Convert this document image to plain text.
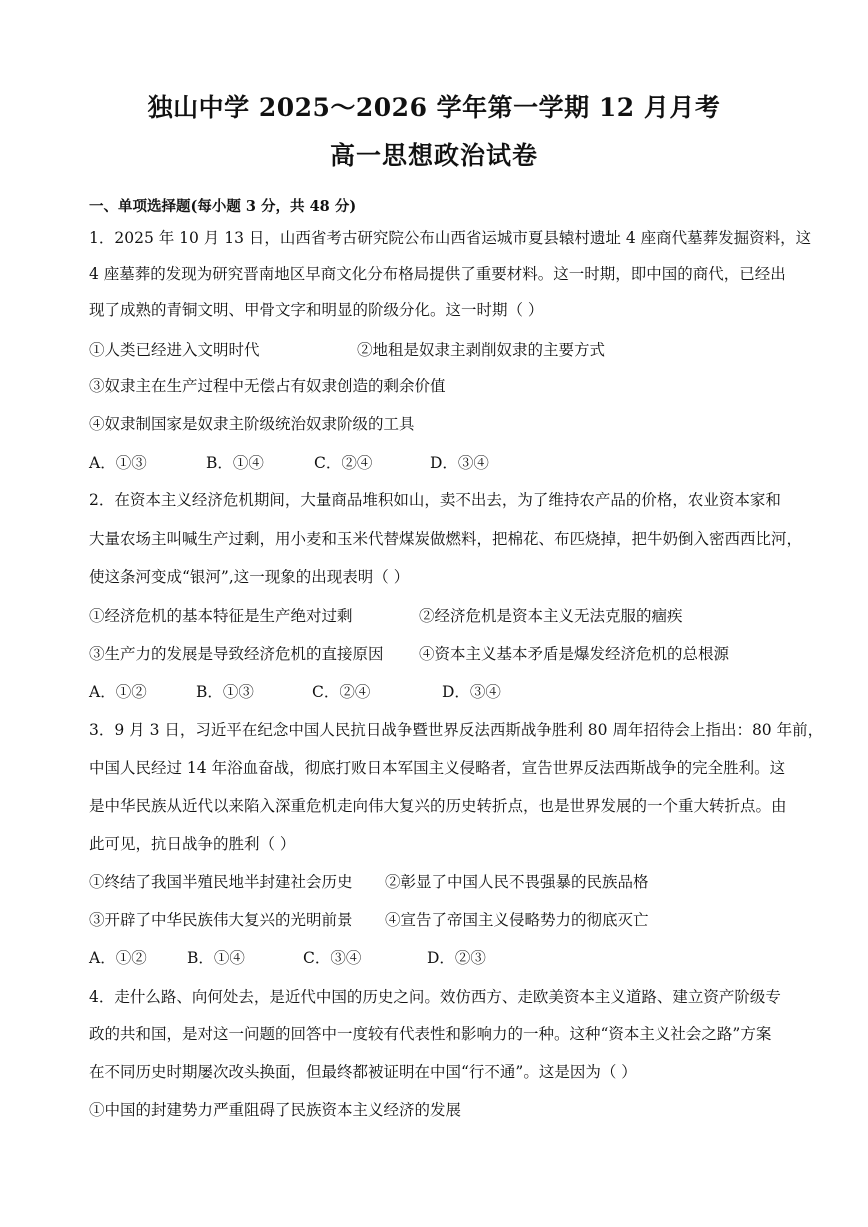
独山中学 2025～2026 学年第一学期 12 月月考
高一思想政治试卷

一、单项选择题(每小题 3 分，共 48 分)

1．2025 年 10 月 13 日，山西省考古研究院公布山西省运城市夏县辕村遗址 4 座商代墓葬发掘资料，这

4 座墓葬的发现为研究晋南地区早商文化分布格局提供了重要材料。这一时期，即中国的商代，已经出

现了成熟的青铜文明、甲骨文字和明显的阶级分化。这一时期（ ）

①人类已经进入文明时代	②地租是奴隶主剥削奴隶的主要方式

③奴隶主在生产过程中无偿占有奴隶创造的剩余价值

④奴隶制国家是奴隶主阶级统治奴隶阶级的工具

A．①③	B．①④	C．②④	D．③④

2．在资本主义经济危机期间，大量商品堆积如山，卖不出去，为了维持农产品的价格，农业资本家和

大量农场主叫喊生产过剩，用小麦和玉米代替煤炭做燃料，把棉花、布匹烧掉，把牛奶倒入密西西比河，

使这条河变成“银河”,这一现象的出现表明（ ）

①经济危机的基本特征是生产绝对过剩	②经济危机是资本主义无法克服的痼疾

③生产力的发展是导致经济危机的直接原因 ④资本主义基本矛盾是爆发经济危机的总根源

A．①②	B．①③	C．②④	D．③④

3．9 月 3 日，习近平在纪念中国人民抗日战争暨世界反法西斯战争胜利 80 周年招待会上指出：80 年前，

中国人民经过 14 年浴血奋战，彻底打败日本军国主义侵略者，宣告世界反法西斯战争的完全胜利。这

是中华民族从近代以来陷入深重危机走向伟大复兴的历史转折点，也是世界发展的一个重大转折点。由

此可见，抗日战争的胜利（ ）

①终结了我国半殖民地半封建社会历史 ②彰显了中国人民不畏强暴的民族品格

③开辟了中华民族伟大复兴的光明前景 ④宣告了帝国主义侵略势力的彻底灭亡

A．①②	B．①④	C．③④	D．②③

4．走什么路、向何处去，是近代中国的历史之问。效仿西方、走欧美资本主义道路、建立资产阶级专

政的共和国，是对这一问题的回答中一度较有代表性和影响力的一种。这种“资本主义社会之路”方案

在不同历史时期屡次改头换面，但最终都被证明在中国“行不通”。这是因为（ ）

①中国的封建势力严重阻碍了民族资本主义经济的发展
